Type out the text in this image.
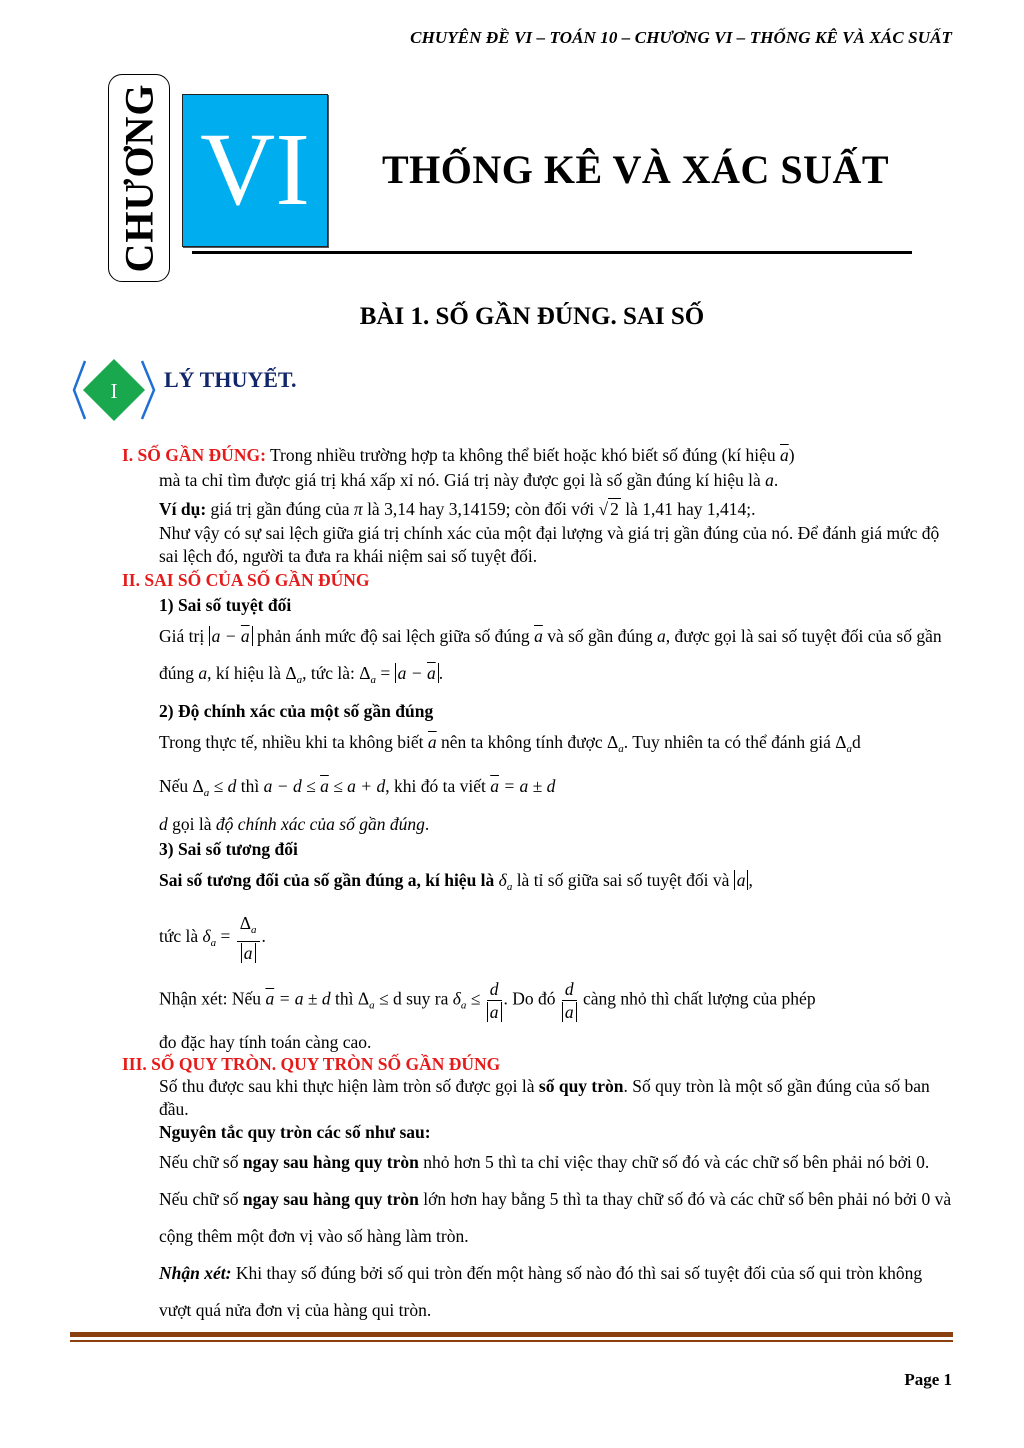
CHUYÊN ĐỀ VI – TOÁN 10 – CHƯƠNG VI – THỐNG KÊ VÀ XÁC SUẤT
CHƯƠNG VI	THỐNG KÊ VÀ XÁC SUẤT
BÀI 1. SỐ GẦN ĐÚNG. SAI SỐ
I LÝ THUYẾT.

I. SỐ GẦN ĐÚNG: Trong nhiều trường hợp ta không thể biết hoặc khó biết số đúng (kí hiệu $\overline{a}$)

mà ta chỉ tìm được giá trị khá xấp xỉ nó. Giá trị này được gọi là số gần đúng kí hiệu là a.

Ví dụ: giá trị gần đúng của π là 3,14 hay 3,14159; còn đối với √ 2 là 1,41 hay 1,414;.

Như vậy có sự sai lệch giữa giá trị chính xác của một đại lượng và giá trị gần đúng của nó. Để đánh giá mức độ sai lệch đó, người ta đưa ra khái niệm sai số tuyệt đối.

II. SAI SỐ CỦA SỐ GẦN ĐÚNG

1) Sai số tuyệt đối

Giá trị $a - \overline{a}$ phản ánh mức độ sai lệch giữa số đúng $\overline{a}$ và số gần đúng a, được gọi là sai số tuyệt đối của số gần đúng a, kí hiệu là $\Delta_a$, tức là: $\Delta_a = a - \overline{a}$ .

2) Độ chính xác của một số gần đúng

Trong thực tế, nhiều khi ta không biết $\overline{a}$ nên ta không tính được $\Delta_a$. Tuy nhiên ta có thể đánh giá $\Delta_ad$

Nếu $\Delta_a \le d$ thì $a - d \le \overline{a} \le a + d$, khi đó ta viết $\overline{a} = a \pm d$

d gọi là độ chính xác của số gần đúng.

3) Sai số tương đối

Sai số tương đối của số gần đúng a, kí hiệu là $\delta_a$ là tỉ số giữa sai số tuyệt đối và a ,

tức là $\delta_a = \frac{\Delta_a}{a}$ .

Nhận xét: Nếu $\overline{a} = a \pm d$ thì $\Delta_a \le d$ suy ra $\delta_a \le \frac{d}{a}$ . Do đó $\frac{d}{a}$ càng nhỏ thì chất lượng của phép

đo đặc hay tính toán càng cao.

III. SỐ QUY TRÒN. QUY TRÒN SỐ GẦN ĐÚNG

Số thu được sau khi thực hiện làm tròn số được gọi là số quy tròn. Số quy tròn là một số gần đúng của số ban đầu.

Nguyên tắc quy tròn các số như sau:

Nếu chữ số ngay sau hàng quy tròn nhỏ hơn 5 thì ta chỉ việc thay chữ số đó và các chữ số bên phải nó bởi 0.

Nếu chữ số ngay sau hàng quy tròn lớn hơn hay bằng 5 thì ta thay chữ số đó và các chữ số bên phải nó bởi 0 và cộng thêm một đơn vị vào số hàng làm tròn.

Nhận xét: Khi thay số đúng bởi số qui tròn đến một hàng số nào đó thì sai số tuyệt đối của số qui tròn không vượt quá nửa đơn vị của hàng qui tròn.

Page 1
